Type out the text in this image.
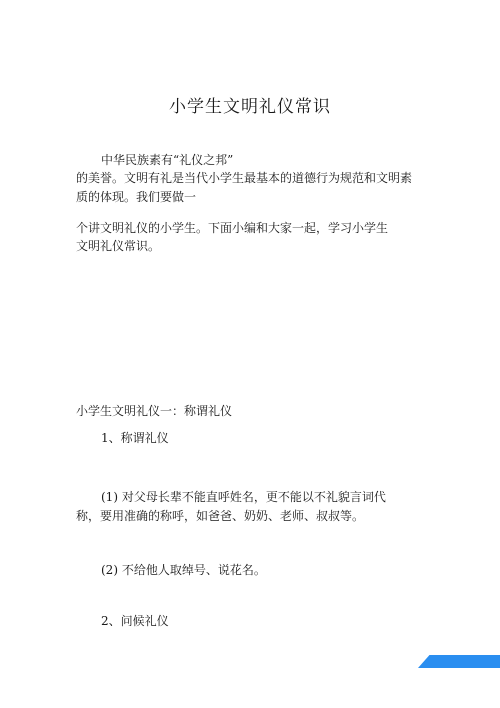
小学生文明礼仪常识
中华民族素有“礼仪之邦”
的美誉。文明有礼是当代小学生最基本的道德行为规范和文明素
质的体现。我们要做一
个讲文明礼仪的小学生。下面小编和大家一起，学习小学生
文明礼仪常识。
小学生文明礼仪一：称谓礼仪
1、称谓礼仪
(1) 对父母长辈不能直呼姓名，更不能以不礼貌言词代
称，要用准确的称呼，如爸爸、奶奶、老师、叔叔等。
(2) 不给他人取绰号、说花名。
2、问候礼仪
